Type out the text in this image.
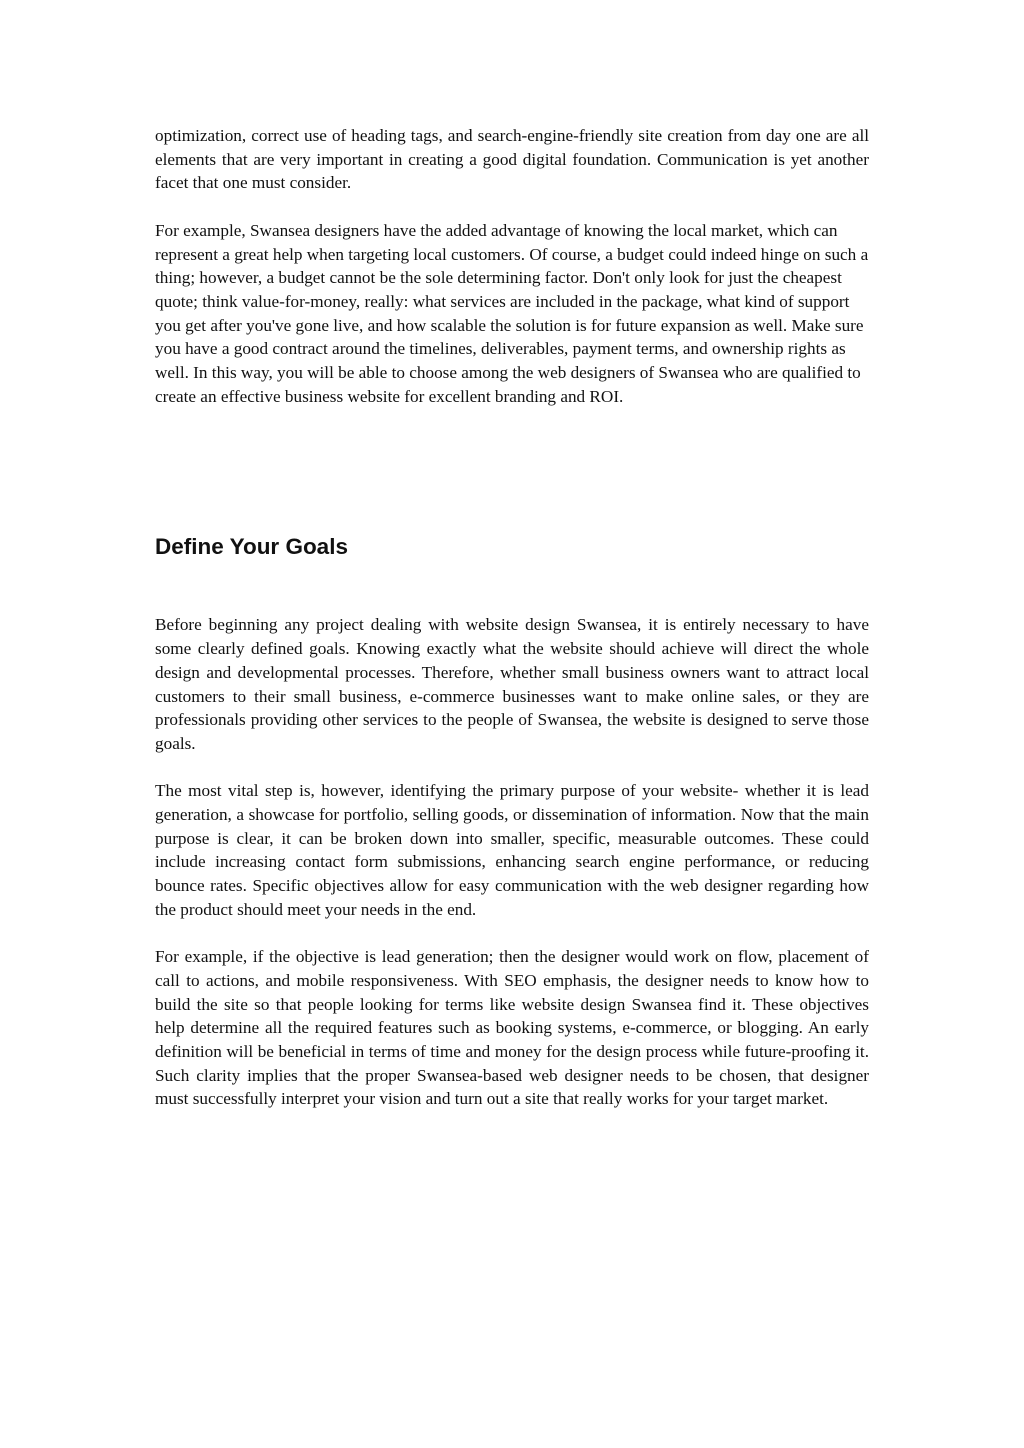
optimization, correct use of heading tags, and search-engine-friendly site creation from day one are all elements that are very important in creating a good digital foundation. Communication is yet another facet that one must consider.

For example, Swansea designers have the added advantage of knowing the local market, which can represent a great help when targeting local customers. Of course, a budget could indeed hinge on such a thing; however, a budget cannot be the sole determining factor. Don't only look for just the cheapest quote; think value-for-money, really: what services are included in the package, what kind of support you get after you've gone live, and how scalable the solution is for future expansion as well. Make sure you have a good contract around the timelines, deliverables, payment terms, and ownership rights as well. In this way, you will be able to choose among the web designers of Swansea who are qualified to create an effective business website for excellent branding and ROI.

Define Your Goals

Before beginning any project dealing with website design Swansea, it is entirely necessary to have some clearly defined goals. Knowing exactly what the website should achieve will direct the whole design and developmental processes. Therefore, whether small business owners want to attract local customers to their small business, e-commerce businesses want to make online sales, or they are professionals providing other services to the people of Swansea, the website is designed to serve those goals.

The most vital step is, however, identifying the primary purpose of your website- whether it is lead generation, a showcase for portfolio, selling goods, or dissemination of information. Now that the main purpose is clear, it can be broken down into smaller, specific, measurable outcomes. These could include increasing contact form submissions, enhancing search engine performance, or reducing bounce rates. Specific objectives allow for easy communication with the web designer regarding how the product should meet your needs in the end.

For example, if the objective is lead generation; then the designer would work on flow, placement of call to actions, and mobile responsiveness. With SEO emphasis, the designer needs to know how to build the site so that people looking for terms like website design Swansea find it. These objectives help determine all the required features such as booking systems, e-commerce, or blogging. An early definition will be beneficial in terms of time and money for the design process while future-proofing it. Such clarity implies that the proper Swansea-based web designer needs to be chosen, that designer must successfully interpret your vision and turn out a site that really works for your target market.
